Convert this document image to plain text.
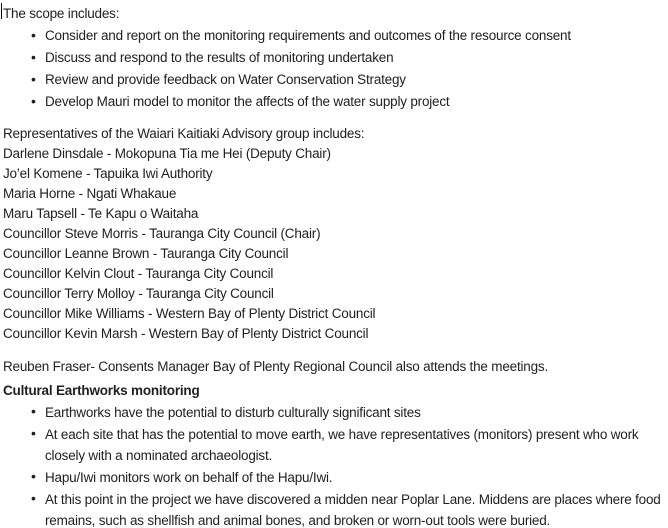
The scope includes:

• Consider and report on the monitoring requirements and outcomes of the resource consent
• Discuss and respond to the results of monitoring undertaken
• Review and provide feedback on Water Conservation Strategy
• Develop Mauri model to monitor the affects of the water supply project

Representatives of the Waiari Kaitiaki Advisory group includes:

Darlene Dinsdale - Mokopuna Tia me Hei (Deputy Chair)

Jo’el Komene - Tapuika Iwi Authority

Maria Horne - Ngati Whakaue

Maru Tapsell - Te Kapu o Waitaha

Councillor Steve Morris - Tauranga City Council (Chair)

Councillor Leanne Brown - Tauranga City Council

Councillor Kelvin Clout - Tauranga City Council

Councillor Terry Molloy - Tauranga City Council

Councillor Mike Williams - Western Bay of Plenty District Council

Councillor Kevin Marsh - Western Bay of Plenty District Council

Reuben Fraser- Consents Manager Bay of Plenty Regional Council also attends the meetings.

Cultural Earthworks monitoring

• Earthworks have the potential to disturb culturally significant sites
• At each site that has the potential to move earth, we have representatives (monitors) present who work closely with a nominated archaeologist.
• Hapu/Iwi monitors work on behalf of the Hapu/Iwi.
• At this point in the project we have discovered a midden near Poplar Lane. Middens are places where food remains, such as shellfish and animal bones, and broken or worn-out tools were buried.
